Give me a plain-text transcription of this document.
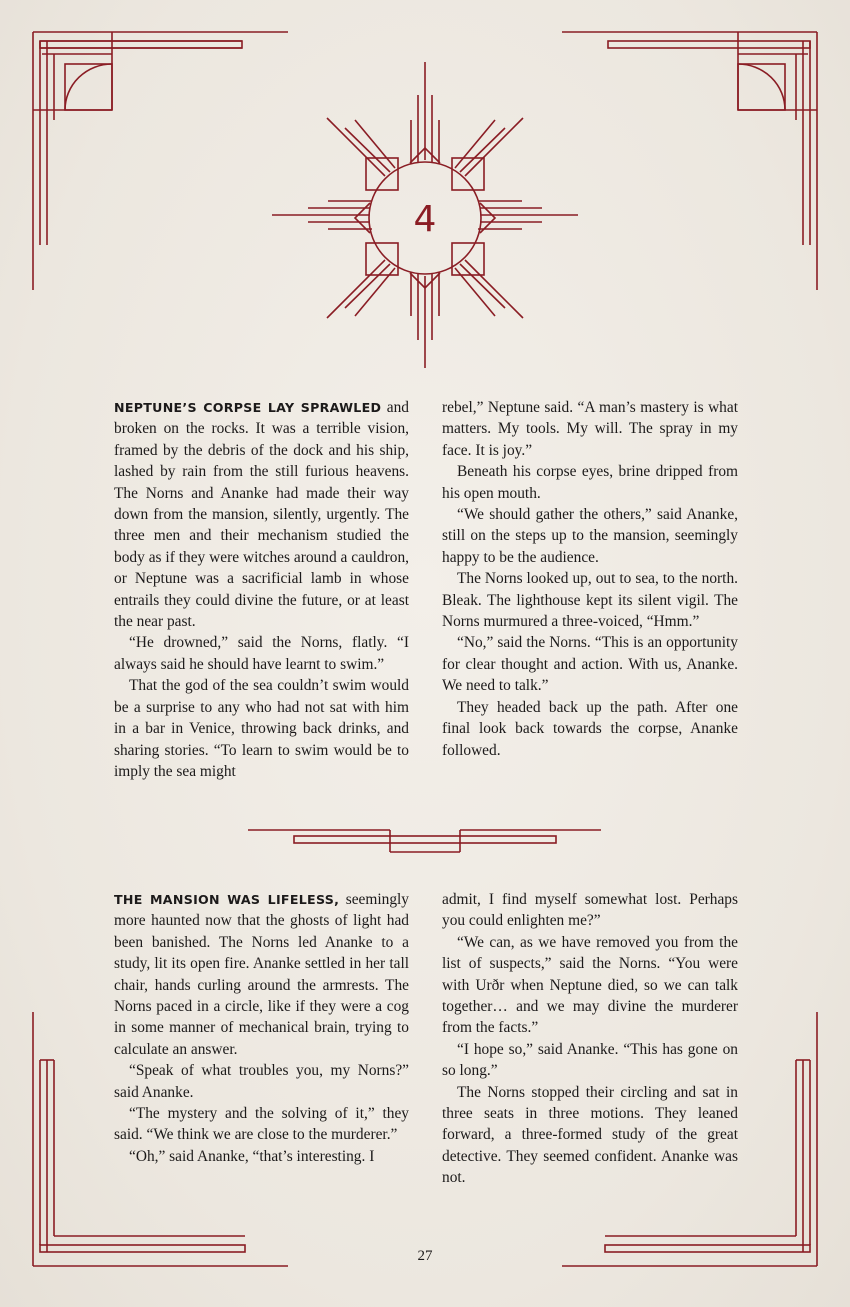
4

NEPTUNE’S CORPSE LAY SPRAWLED and broken on the rocks. It was a terrible vision, framed by the debris of the dock and his ship, lashed by rain from the still furious heavens. The Norns and Ananke had made their way down from the mansion, silently, urgently. The three men and their mechanism studied the body as if they were witches around a cauldron, or Neptune was a sacrificial lamb in whose entrails they could divine the future, or at least the near past.

“He drowned,” said the Norns, flatly. “I always said he should have learnt to swim.”

That the god of the sea couldn’t swim would be a surprise to any who had not sat with him in a bar in Venice, throwing back drinks, and sharing stories. “To learn to swim would be to imply the sea might

rebel,” Neptune said. “A man’s mastery is what matters. My tools. My will. The spray in my face. It is joy.”

Beneath his corpse eyes, brine dripped from his open mouth.

“We should gather the others,” said Ananke, still on the steps up to the mansion, seemingly happy to be the audience.

The Norns looked up, out to sea, to the north. Bleak. The lighthouse kept its silent vigil. The Norns murmured a three-voiced, “Hmm.”

“No,” said the Norns. “This is an opportunity for clear thought and action. With us, Ananke. We need to talk.”

They headed back up the path. After one final look back towards the corpse, Ananke followed.

THE MANSION WAS LIFELESS, seemingly more haunted now that the ghosts of light had been banished. The Norns led Ananke to a study, lit its open fire. Ananke settled in her tall chair, hands curling around the armrests. The Norns paced in a circle, like if they were a cog in some manner of mechanical brain, trying to calculate an answer.

“Speak of what troubles you, my Norns?” said Ananke.

“The mystery and the solving of it,” they said. “We think we are close to the murderer.”

“Oh,” said Ananke, “that’s interesting. I

admit, I find myself somewhat lost. Perhaps you could enlighten me?”

“We can, as we have removed you from the list of suspects,” said the Norns. “You were with Urðr when Neptune died, so we can talk together… and we may divine the murderer from the facts.”

“I hope so,” said Ananke. “This has gone on so long.”

The Norns stopped their circling and sat in three seats in three motions. They leaned forward, a three-formed study of the great detective. They seemed confident. Ananke was not.

27
